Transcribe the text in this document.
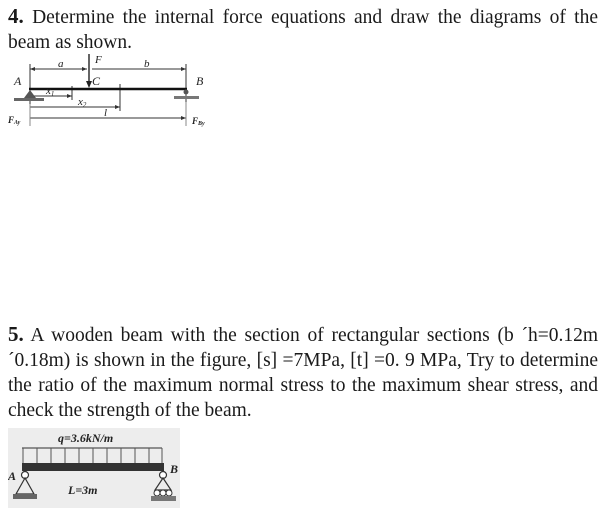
4. Determine the internal force equations and draw the diagrams of the beam as shown.

F
a	b
A	C	B
x1
x2
l
FAy	FBy

5. A wooden beam with the section of rectangular sections (b ´h=0.12m´0.18m) is shown in the figure, [s] =7MPa, [t] =0. 9 MPa, Try to determine the ratio of the maximum normal stress to the maximum shear stress, and check the strength of the beam.

q=3.6kN/m
A	B
L=3m
